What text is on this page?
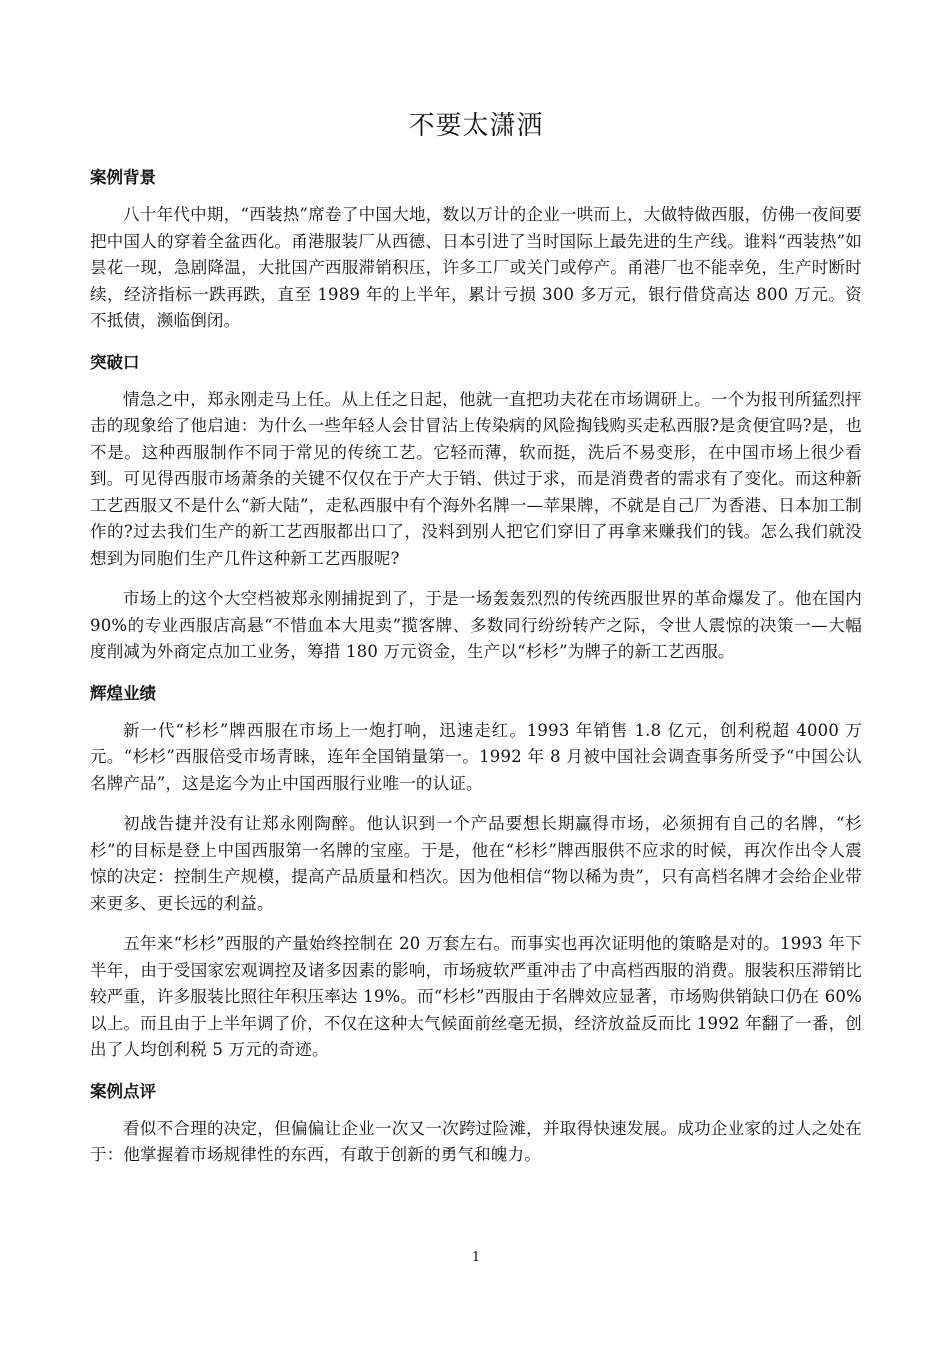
不要太潇洒
案例背景

八十年代中期，“西装热”席卷了中国大地，数以万计的企业一哄而上，大做特做西服，仿佛一夜间要把中国人的穿着全盆西化。甬港服装厂从西德、日本引进了当时国际上最先进的生产线。谁料“西装热”如昙花一现，急剧降温，大批国产西服滞销积压，许多工厂或关门或停产。甬港厂也不能幸免，生产时断时续，经济指标一跌再跌，直至 1989 年的上半年，累计亏损 300 多万元，银行借贷高达 800 万元。资不抵债，濒临倒闭。

突破口

情急之中，郑永刚走马上任。从上任之日起，他就一直把功夫花在市场调研上。一个为报刊所猛烈抨击的现象给了他启迪：为什么一些年轻人会甘冒沾上传染病的风险掏钱购买走私西服?是贪便宜吗?是，也不是。这种西服制作不同于常见的传统工艺。它轻而薄，软而挺，洗后不易变形，在中国市场上很少看到。可见得西服市场萧条的关键不仅仅在于产大于销、供过于求，而是消费者的需求有了变化。而这种新工艺西服又不是什么“新大陆”，走私西服中有个海外名牌一—苹果牌，不就是自己厂为香港、日本加工制作的?过去我们生产的新工艺西服都出口了，没料到别人把它们穿旧了再拿来赚我们的钱。怎么我们就没想到为同胞们生产几件这种新工艺西服呢?

市场上的这个大空档被郑永刚捕捉到了，于是一场轰轰烈烈的传统西服世界的革命爆发了。他在国内 90%的专业西服店高悬“不惜血本大甩卖”揽客牌、多数同行纷纷转产之际，令世人震惊的决策一—大幅度削减为外商定点加工业务，筹措 180 万元资金，生产以“杉杉”为牌子的新工艺西服。

辉煌业绩

新一代“杉杉”牌西服在市场上一炮打响，迅速走红。1993 年销售 1.8 亿元，创利税超 4000 万元。“杉杉”西服倍受市场青睐，连年全国销量第一。1992 年 8 月被中国社会调查事务所受予“中国公认名牌产品”，这是迄今为止中国西服行业唯一的认证。

初战告捷并没有让郑永刚陶醉。他认识到一个产品要想长期赢得市场，必须拥有自己的名牌，“杉杉”的目标是登上中国西服第一名牌的宝座。于是，他在“杉杉”牌西服供不应求的时候，再次作出令人震惊的决定：控制生产规模，提高产品质量和档次。因为他相信“物以稀为贵”，只有高档名牌才会给企业带来更多、更长远的利益。

五年来“杉杉”西服的产量始终控制在 20 万套左右。而事实也再次证明他的策略是对的。1993 年下半年，由于受国家宏观调控及诸多因素的影响，市场疲软严重冲击了中高档西服的消费。服装积压滞销比较严重，许多服装比照往年积压率达 19%。而“杉杉”西服由于名牌效应显著，市场购供销缺口仍在 60%以上。而且由于上半年调了价，不仅在这种大气候面前丝毫无损，经济放益反而比 1992 年翻了一番，创出了人均创利税 5 万元的奇迹。

案例点评

看似不合理的决定，但偏偏让企业一次又一次跨过险滩，并取得快速发展。成功企业家的过人之处在于：他掌握着市场规律性的东西，有敢于创新的勇气和魄力。

1
